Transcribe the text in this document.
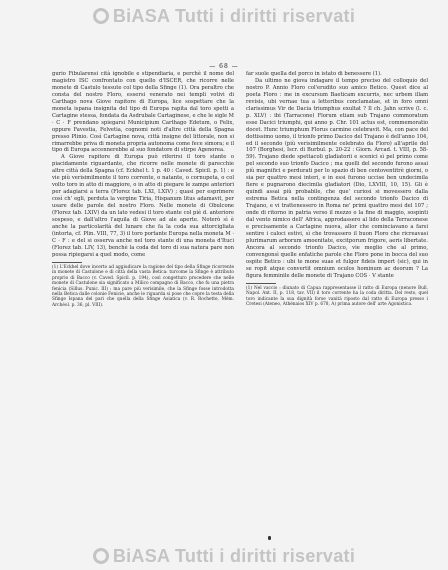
BiASA Tutti i diritti riservati
— 68 —

gurio Fibularensi cità ignobile e stipendiaria, e perchè il nome del magistro ISC confrontato con quello d'ISCER, che ricorre nelle monete di Castulo tessute col tipo della Sfinge (1). Ora peraltro che consta del nostro Floro, essersi venerato nei templi votivi di Carthago nova Giove rapitore di Europa, lice sospettare che la moneta ispana insignita del tipo di Europa rapita dal toro spetti a Cartagine stessa, fondata da Asdrubale Cartaginese, e che le sigle M · C · F prendano spiegarsi Municipium Carthago Edetum, o Felix, oppure Favestia, Felvetia, cognomi noti d'altre città della Spagna presso Plinio. Così Cartagine nova, città insigne del littorale, non si rimarrebbe priva di moneta propria autonoma come fece simora; e il tipo di Europa accennerebbe al suo fondatore di stirpe Agenorea.

A Giove rapitore di Europa può riferirsi il toro stante o piacidamente riguardante, che ricorre nelle monete di parecchie altre città della Spagna (cf. Eckhel t. 1 p. 40 : Caved. Spicil. p. 1) : e vie più verisimilmente il toro corrente, o natante, o cornupeta, o col volto toro in atto di maggiore, o in atto di piegare le zampe anteriori per adagiarsi a terra (Florez tab. LXI, LXIV) ; quasi per esprimere così ch' egli, perduta la vergine Tiria, Hispanum litus adamavit, per usare delle parole del nostro Floro. Nelle monete di Obulcone (Florez tab. LXIV) da un lato vedesi il toro stante col piè d. anteriore sospeso, e dall'altro l'aquila di Giove ad ale aperte. Noterò sì è anche la particolarità del lunare che fa la coda sua attorcigliata (intorta, cf. Plin. VIII, 77, 3) il toro portante Europa nella moneta M · C · F : e del si osserva anche nel toro stante di una moneta d'Ituci (Florez tab. LIV, 13), benchè la coda del toro di sua natura pare non possa ripiegarsi a quel modo, come

(1) L'Eckhel dove incerto ad aggiudicare la ragione del tipo della Sfinge ricorrente in monete di Castulone e di città della vasta Betica: turcome la Sfinge è attributo proprio di Bacco (v. Caved. Spicil. p. 194), così congetturo procedere che nelle monete di Castulone sia significato a Milico compagno di Bacco, che fu una pietra fenicia (Sillus. Punic. III) : ma pare più verisimile, che la Sfinge fosse introdotta nella Betica dalle colonie Fenicie, anche le riguarda si pose che copre la testa della Sfinge Ispana del pari che quella della Sfinge Asiatica (v. R. Rochette, Mém. Archéol. p. 36, pl. VIII).

far suole quella del porco in istato di benessere (1).

Da ultimo ne giova indagare il tempo preciso del colloquio del nostro P. Annio Floro col'erudito suo amico Betico. Quest dice al poeta Floro : me in excursum Baeticam excurris, nec urbem illam revisis, ubi vernae tua a letteribus conclamatae, et in foro omni clarissimus Vir de Dacia triumphus exultat ? Il ch. Jahn scrive (l. c. p. XLV) : ibi (Tarracone) Florum etiam sub Trajano commoratum esse Dacici triumphi, qui anno p. Chr. 101 actus est, commemoratio docet. Hunc triumphum Florus carmine celebravit. Ma, con pace del dottissimo uomo, il trionfo primo Dacico del Trajano è dell'anno 104, ed il secondo (più verisimilmente celebrato da Floro) all'aprile del 107 (Borghesi, Iscr. di Burbul. p. 20-22 : Giorn. Arcad. t. VIII, p. 58-59). Trajano diede spettacoli gladiatorii e scenici sì pel primo come pel secondo suo trionfo Dacico ; ma quelli del secondo furono assai più magnifici e perdurati per lo spazio di ben centoventitrè giorni, o sia per quattro mesi interi, e in essi furono uccise ben undecimila fiere e pugnarono diecimila gladiatori (Dio, LXVIII, 10, 15). Gli è quindi assai più probabile, che que' curiosi si movessero dalla estrema Betica nella contingenza del secondo trionfo Dacico di Trajano, e vi trattenessero in Roma ne' primi quattro mesi del 107 ; onde di ritorno in patria verso il mezzo o la fine di maggio, sospinti dal vento nimico dell' Africa, approdassero al lido della Terraconese e precisamente a Cartagine nuova, allor che cominciavano a farsi sentire i caloci estivi, sì che trovassero il buon Floro che ricreavasi plurimarum arborum amoenitate, excitporum frigore, aeris libertate. Ancora al secondo trionfo Dacico, vie meglio che al primo, convengonsì quelle enfatiche parole che Floro pone in bocca del suo ospite Betico : ubi te mone suae et fulgor fideis impert (sic), qui in se ropit atque convertit omnium oculos hominum ac deorum ? La figura femminile delle monete di Trajano COS · V stante

(1) Nel vaccio : diunato di Capua rappresentasse il ratto di Europa (nenore Bull. Napol. Ant. II, p. 118, tav. VII) il toro corrente ha la coda diritta. Del resto, quel toro indicante la sua dignità forse vanità riposto dal ratto di Europa presso i Cretesi (Ateneo, Athénaios XIV p. 678, A) prima autore dell' arte Agonistica.

BiASA Tutti i diritti riservati
